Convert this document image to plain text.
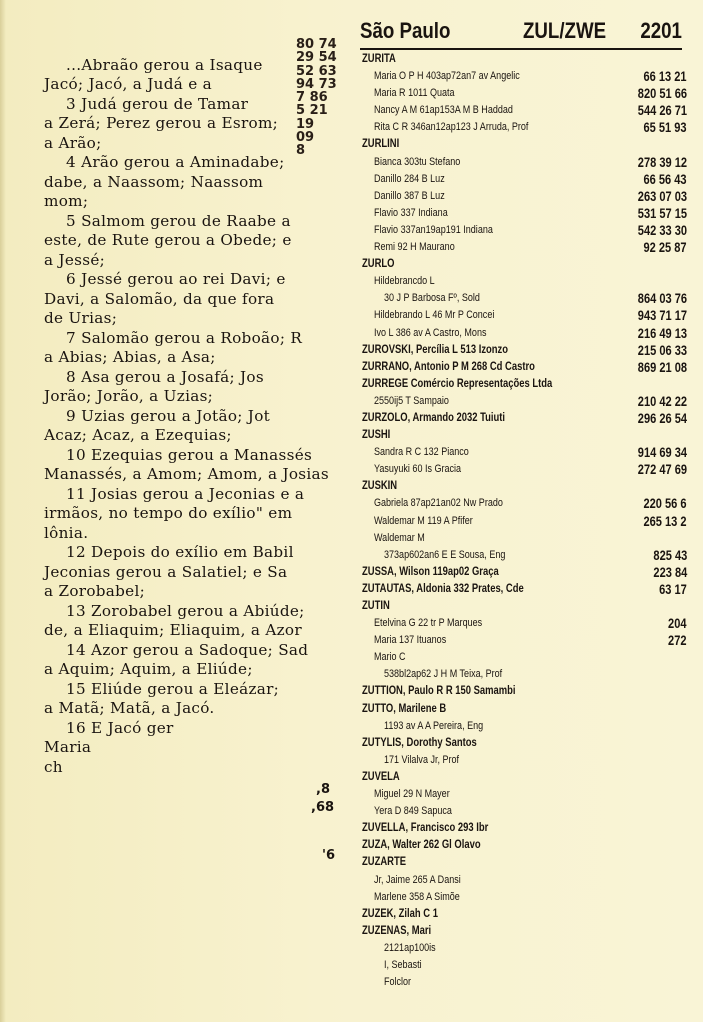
...Abraão gerou a Isaque
Jacó; Jacó, a Judá e a
3 Judá gerou de Tamar
a Zerá; Perez gerou a Esrom;
a Arão;
4 Arão gerou a Aminadabe;
dabe, a Naassom; Naassom
mom;
5 Salmom gerou de Raabe a
este, de Rute gerou a Obede; e
a Jessé;
6 Jessé gerou ao rei Davi; e
Davi, a Salomão, da que fora
de Urias;
7 Salomão gerou a Roboão; R
a Abias; Abias, a Asa;
8 Asa gerou a Josafá; Jos
Jorão; Jorão, a Uzias;
9 Uzias gerou a Jotão; Jot
Acaz; Acaz, a Ezequias;
10 Ezequias gerou a Manassés
Manassés, a Amom; Amom, a Josias
11 Josias gerou a Jeconias e a
irmãos, no tempo do exílio" em
lônia.
12 Depois do exílio em Babil
Jeconias gerou a Salatiel; e Sa
a Zorobabel;
13 Zorobabel gerou a Abiúde;
de, a Eliaquim; Eliaquim, a Azor
14 Azor gerou a Sadoque; Sad
a Aquim; Aquim, a Eliúde;
15 Eliúde gerou a Eleázar;
a Matã; Matã, a Jacó.
16 E Jacó ger
Maria
ch
80 74
29 54
52 63
94 73
7 86
5 21
19
09
8
,8
,68
'6
São Paulo	ZUL/ZWE 2201
ZURITA
Maria O P H 403ap72an7 av Angelic	66 13 21
Maria R 1011 Quata	820 51 66
Nancy A M 61ap153A M B Haddad	544 26 71
Rita C R 346an12ap123 J Arruda, Prof	65 51 93
ZURLINI
Bianca 303tu Stefano	278 39 12
Danillo 284 B Luz	66 56 43
Danillo 387 B Luz	263 07 03
Flavio 337 Indiana	531 57 15
Flavio 337an19ap191 Indiana	542 33 30
Remi 92 H Maurano	92 25 87
ZURLO
Hildebrancdo L
30 J P Barbosa Fº, Sold	864 03 76
Hildebrando L 46 Mr P Concei	943 71 17
Ivo L 386 av A Castro, Mons	216 49 13
ZUROVSKI, Percília L 513 Izonzo	215 06 33
ZURRANO, Antonio P M 268 Cd Castro	869 21 08
ZURREGE Comércio Representações Ltda
2550ij5 T Sampaio	210 42 22
ZURZOLO, Armando 2032 Tuiuti	296 26 54
ZUSHI
Sandra R C 132 Pianco	914 69 34
Yasuyuki 60 Is Gracia	272 47 69
ZUSKIN
Gabriela 87ap21an02 Nw Prado	220 56 6
Waldemar M 119 A Pfifer	265 13 2
Waldemar M
373ap602an6 E E Sousa, Eng	825 43
ZUSSA, Wilson 119ap02 Graça	223 84
ZUTAUTAS, Aldonia 332 Prates, Cde	63 17
ZUTIN
Etelvina G 22 tr P Marques	204
Maria 137 Ituanos	272
Mario C
538bl2ap62 J H M Teixa, Prof
ZUTTION, Paulo R R 150 Samambi
ZUTTO, Marilene B
1193 av A A Pereira, Eng
ZUTYLIS, Dorothy Santos
171 Vilalva Jr, Prof
ZUVELA
Miguel 29 N Mayer
Yera D 849 Sapuca
ZUVELLA, Francisco 293 Ibr
ZUZA, Walter 262 Gl Olavo
ZUZARTE
Jr, Jaime 265 A Dansi
Marlene 358 A Simõe
ZUZEK, Zilah C 1
ZUZENAS, Mari
2121ap100is
I, Sebasti
Folclor
